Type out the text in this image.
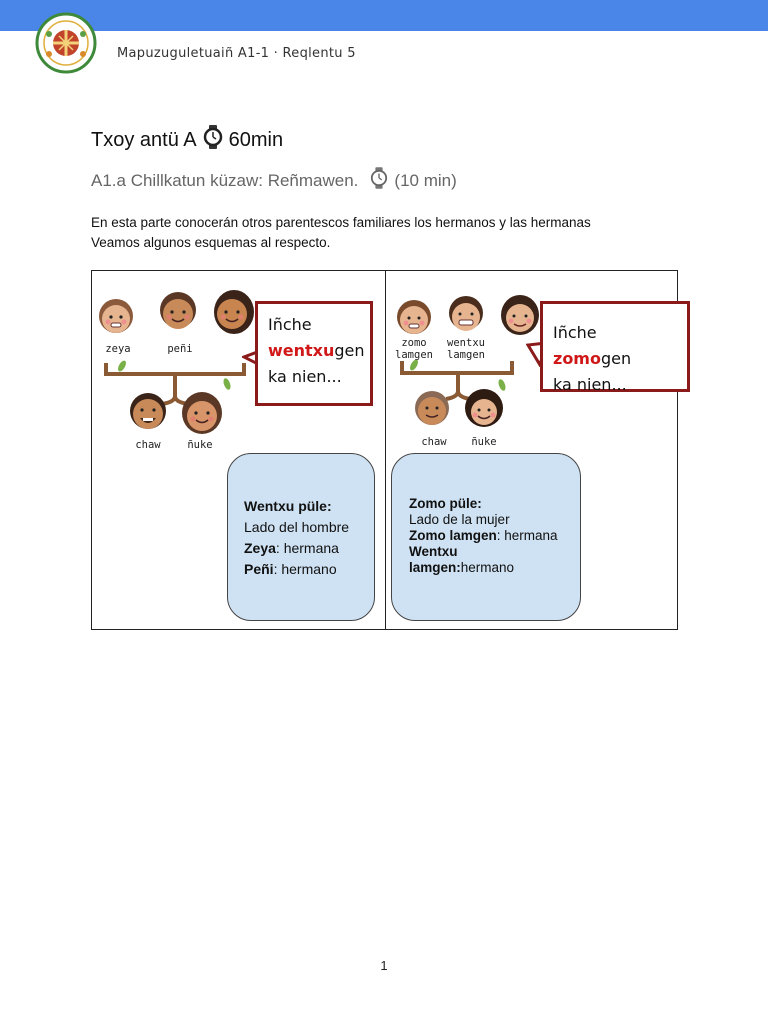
Mapuzuguletuaiñ A1-1 · Reqlentu 5
Txoy antü A 60min
A1.a Chillkatun küzaw: Reñmawen. (10 min)
En esta parte conocerán otros parentescos familiares los hermanos y las hermanas
Veamos algunos esquemas al respecto.
zeya	peñi
chaw	ñuke
Iñche
wentxugen
ka nien...
Wentxu püle:
Lado del hombre
Zeya: hermana
Peñi: hermano
zomo
lamgen
wentxu
lamgen
chaw	ñuke
Iñche zomogen
ka nien...
Zomo püle:
Lado de la mujer
Zomo lamgen: hermana
Wentxu
lamgen:hermano
1
